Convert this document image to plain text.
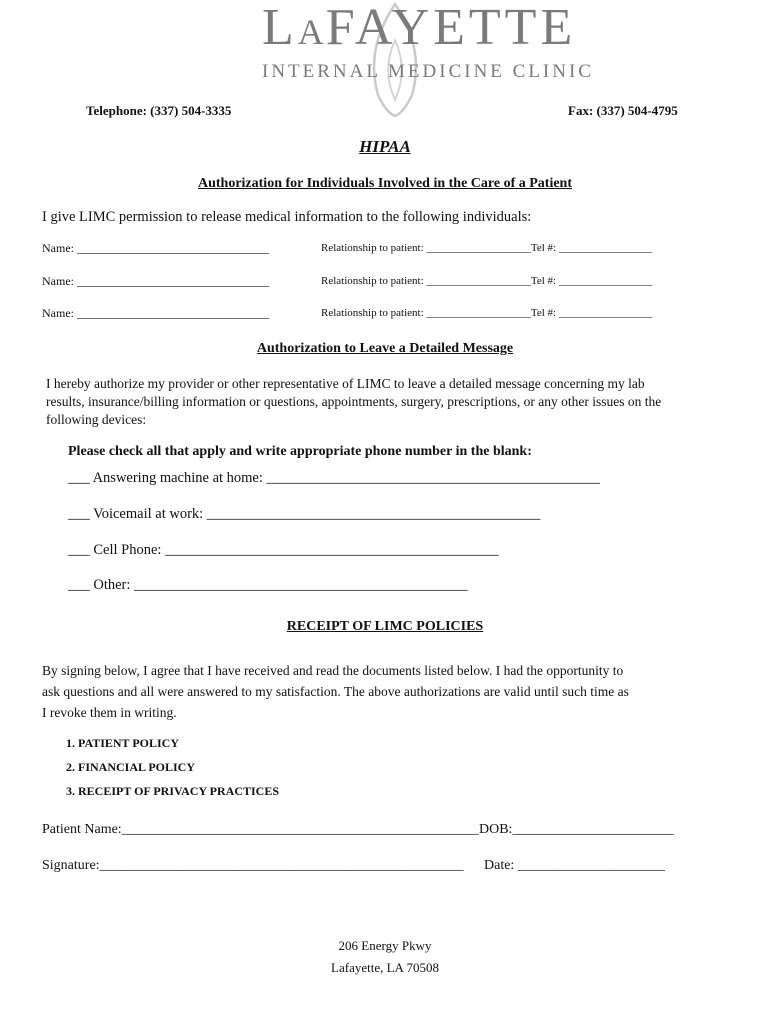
LAFAYETTE
INTERNAL MEDICINE CLINIC
Telephone: (337) 504-3335	Fax: (337) 504-4795
HIPAA
Authorization for Individuals Involved in the Care of a Patient
I give LIMC permission to release medical information to the following individuals:
Name: ________________________________	Relationship to patient: ___________________Tel #: _________________
Name: ________________________________	Relationship to patient: ___________________Tel #: _________________
Name: ________________________________	Relationship to patient: ___________________Tel #: _________________
Authorization to Leave a Detailed Message
I hereby authorize my provider or other representative of LIMC to leave a detailed message concerning my lab
results, insurance/billing information or questions, appointments, surgery, prescriptions, or any other issues on the
following devices:
Please check all that apply and write appropriate phone number in the blank:
___ Answering machine at home: ______________________________________________
___ Voicemail at work: ______________________________________________
___ Cell Phone: ______________________________________________
___ Other: ______________________________________________
RECEIPT OF LIMC POLICIES
By signing below, I agree that I have received and read the documents listed below. I had the opportunity to
ask questions and all were answered to my satisfaction. The above authorizations are valid until such time as
I revoke them in writing.
1. PATIENT POLICY
2. FINANCIAL POLICY
3. RECEIPT OF PRIVACY PRACTICES
Patient Name:___________________________________________________ DOB:_______________________
Signature:____________________________________________________ Date: _____________________
206 Energy Pkwy
Lafayette, LA 70508
